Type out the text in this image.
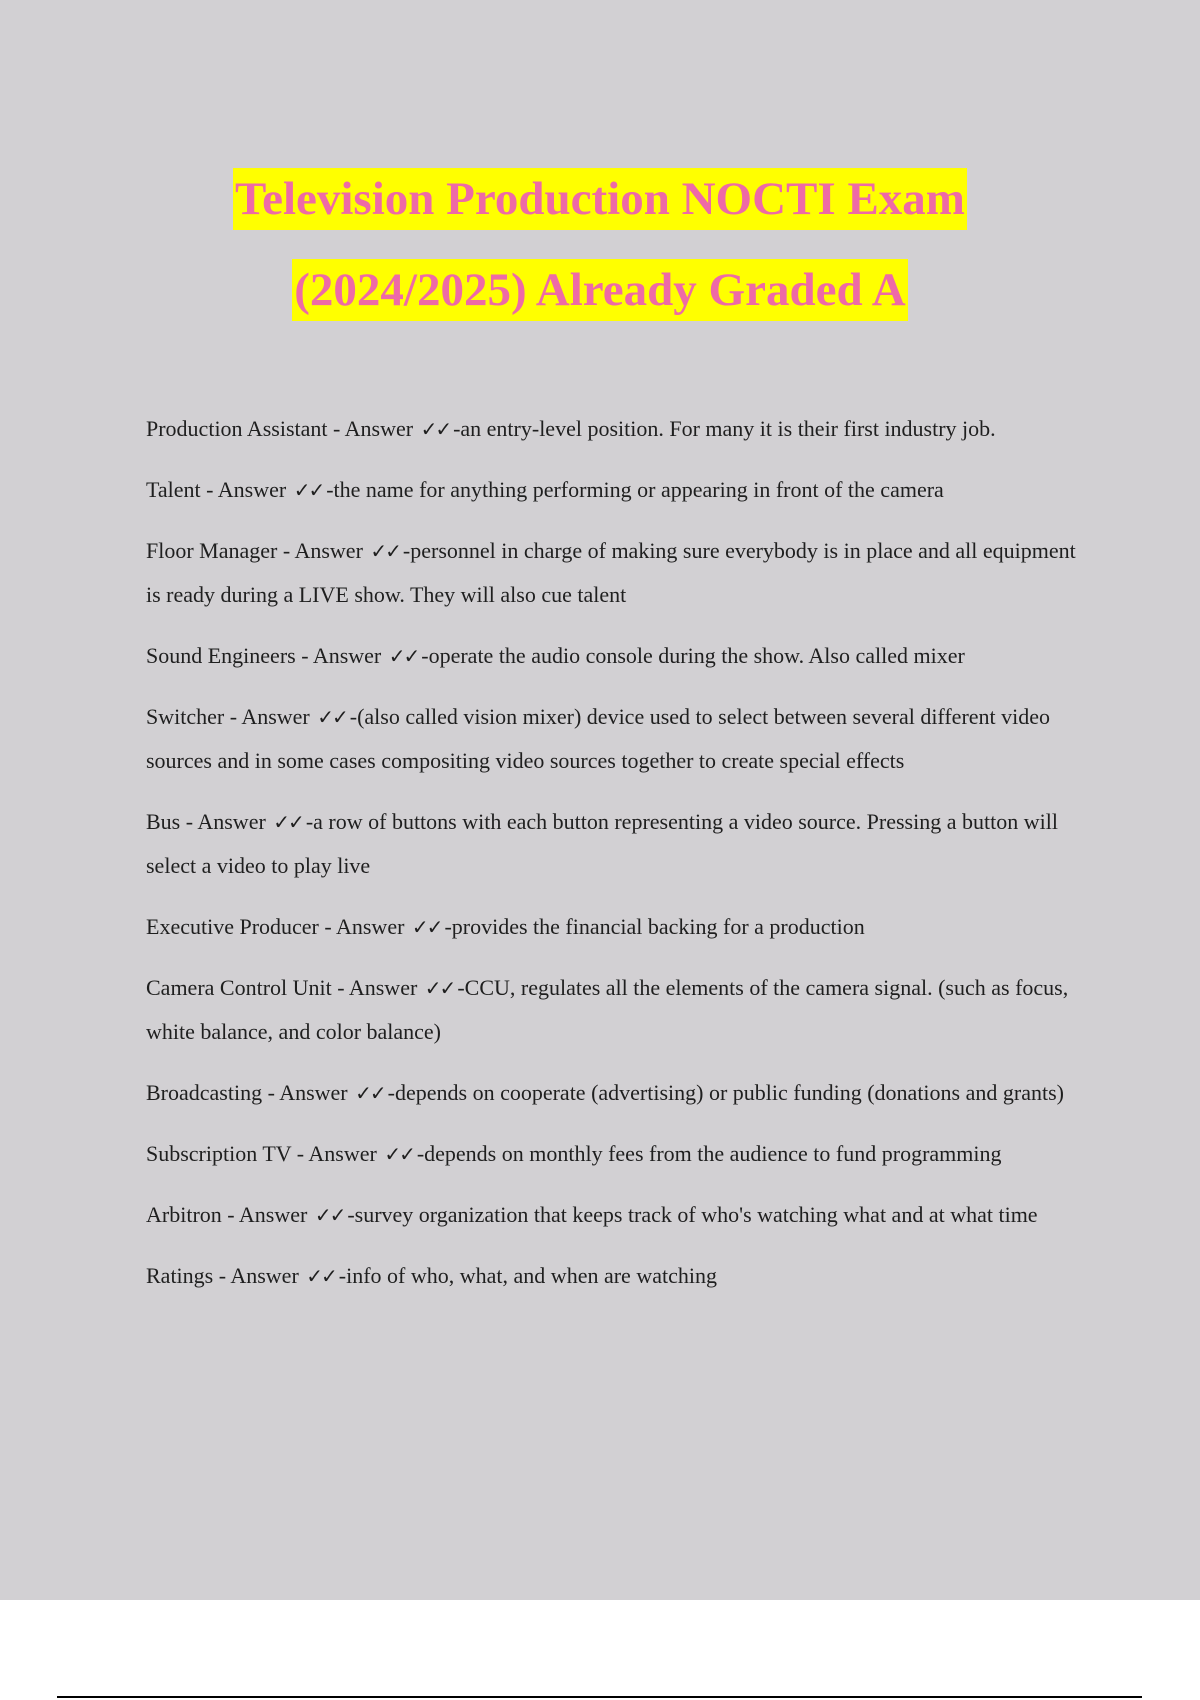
Television Production NOCTI Exam
(2024/2025) Already Graded A

Production Assistant - Answer ✓✓ -an entry-level position. For many it is their first industry job.

Talent - Answer ✓✓ -the name for anything performing or appearing in front of the camera

Floor Manager - Answer ✓✓ -personnel in charge of making sure everybody is in place and all equipment is ready during a LIVE show. They will also cue talent

Sound Engineers - Answer ✓✓ -operate the audio console during the show. Also called mixer

Switcher - Answer ✓✓ -(also called vision mixer) device used to select between several different video sources and in some cases compositing video sources together to create special effects

Bus - Answer ✓✓ -a row of buttons with each button representing a video source. Pressing a button will select a video to play live

Executive Producer - Answer ✓✓ -provides the financial backing for a production

Camera Control Unit - Answer ✓✓ -CCU, regulates all the elements of the camera signal. (such as focus, white balance, and color balance)

Broadcasting - Answer ✓✓ -depends on cooperate (advertising) or public funding (donations and grants)

Subscription TV - Answer ✓✓ -depends on monthly fees from the audience to fund programming

Arbitron - Answer ✓✓ -survey organization that keeps track of who's watching what and at what time

Ratings - Answer ✓✓ -info of who, what, and when are watching
